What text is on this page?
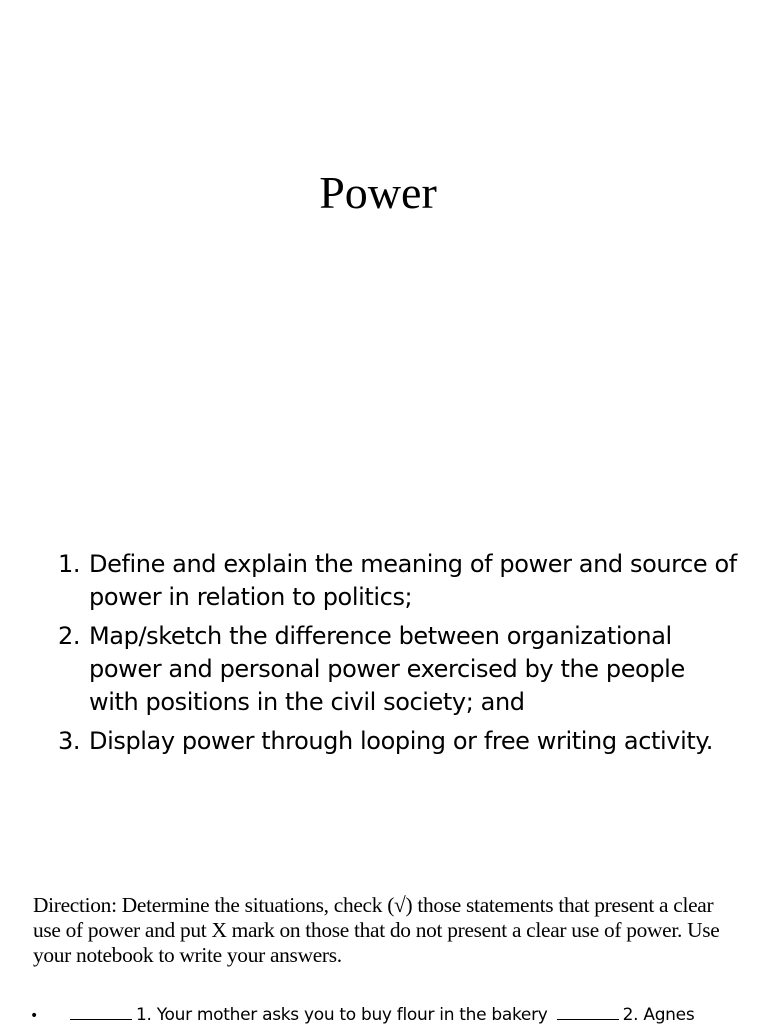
Power
1. Define and explain the meaning of power and source of power in relation to politics;
2. Map/sketch the difference between organizational power and personal power exercised by the people with positions in the civil society; and
3. Display power through looping or free writing activity.

Direction: Determine the situations, check (√) those statements that present a clear use of power and put X mark on those that do not present a clear use of power. Use your notebook to write your answers.

•	1. Your mother asks you to buy flour in the bakery	2. Agnes
